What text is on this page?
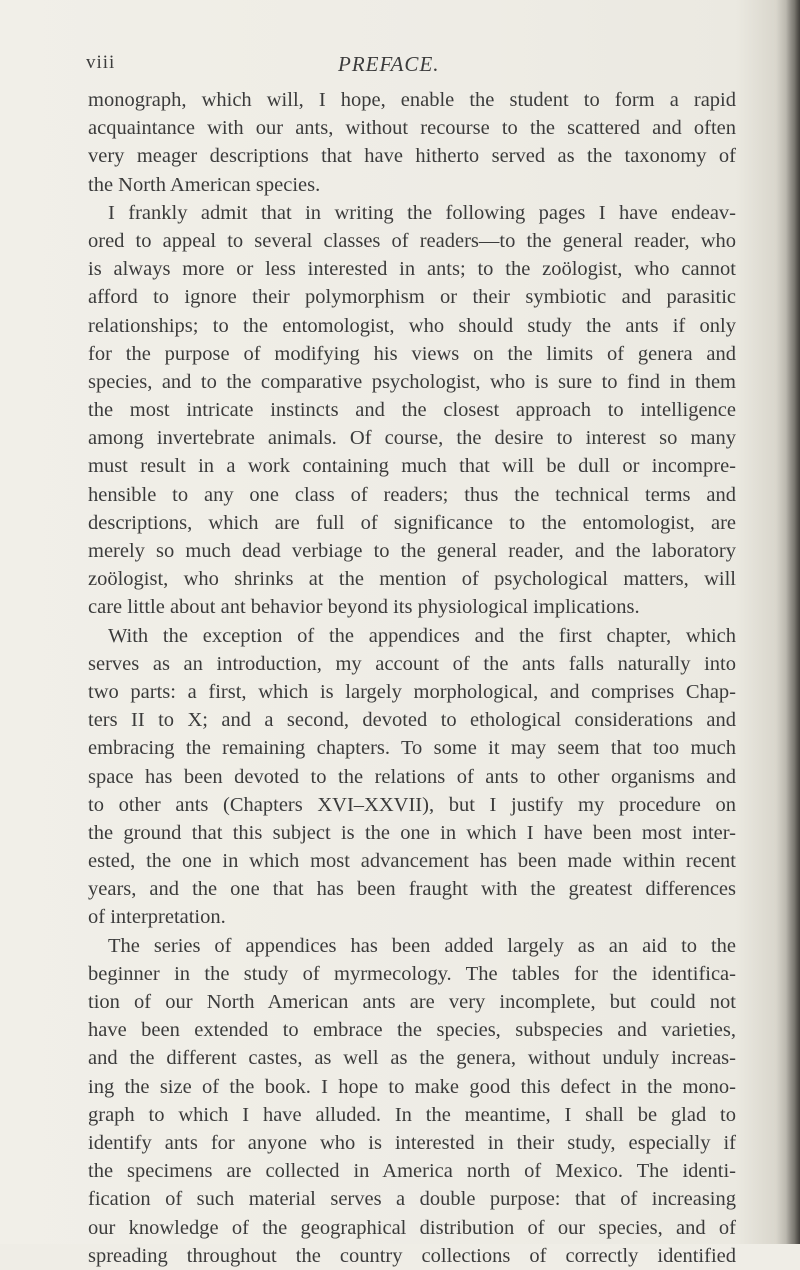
viii	PREFACE.
monograph, which will, I hope, enable the student to form a rapid
acquaintance with our ants, without recourse to the scattered and often
very meager descriptions that have hitherto served as the taxonomy of
the North American species.
I frankly admit that in writing the following pages I have endeav-
ored to appeal to several classes of readers—to the general reader, who
is always more or less interested in ants; to the zoölogist, who cannot
afford to ignore their polymorphism or their symbiotic and parasitic
relationships; to the entomologist, who should study the ants if only
for the purpose of modifying his views on the limits of genera and
species, and to the comparative psychologist, who is sure to find in them
the most intricate instincts and the closest approach to intelligence
among invertebrate animals. Of course, the desire to interest so many
must result in a work containing much that will be dull or incompre-
hensible to any one class of readers; thus the technical terms and
descriptions, which are full of significance to the entomologist, are
merely so much dead verbiage to the general reader, and the laboratory
zoölogist, who shrinks at the mention of psychological matters, will
care little about ant behavior beyond its physiological implications.
With the exception of the appendices and the first chapter, which
serves as an introduction, my account of the ants falls naturally into
two parts: a first, which is largely morphological, and comprises Chap-
ters II to X; and a second, devoted to ethological considerations and
embracing the remaining chapters. To some it may seem that too much
space has been devoted to the relations of ants to other organisms and
to other ants (Chapters XVI–XXVII), but I justify my procedure on
the ground that this subject is the one in which I have been most inter-
ested, the one in which most advancement has been made within recent
years, and the one that has been fraught with the greatest differences
of interpretation.
The series of appendices has been added largely as an aid to the
beginner in the study of myrmecology. The tables for the identifica-
tion of our North American ants are very incomplete, but could not
have been extended to embrace the species, subspecies and varieties,
and the different castes, as well as the genera, without unduly increas-
ing the size of the book. I hope to make good this defect in the mono-
graph to which I have alluded. In the meantime, I shall be glad to
identify ants for anyone who is interested in their study, especially if
the specimens are collected in America north of Mexico. The identi-
fication of such material serves a double purpose: that of increasing
our knowledge of the geographical distribution of our species, and of
spreading throughout the country collections of correctly identified
